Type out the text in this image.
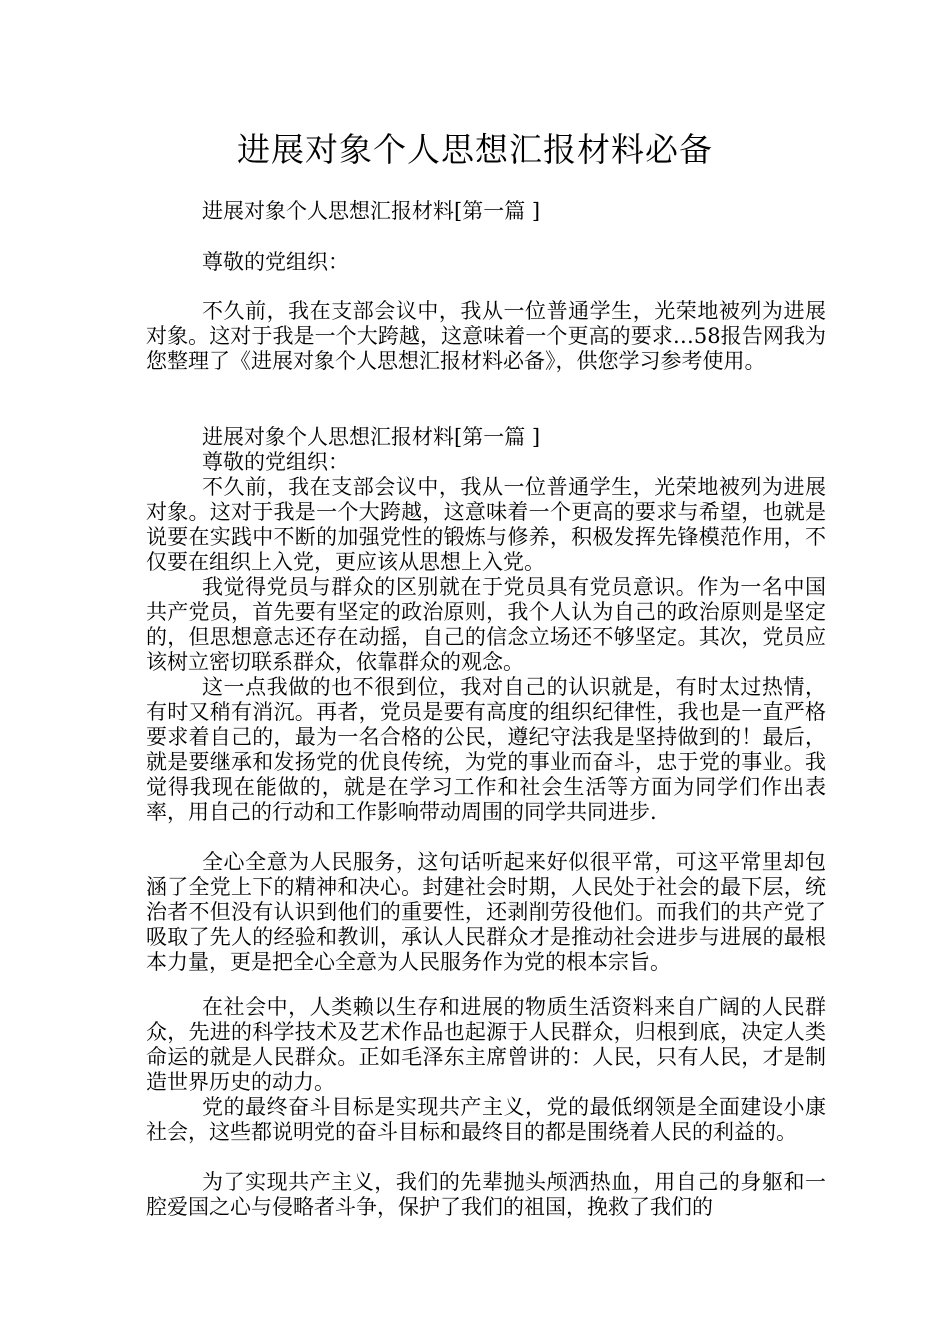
进展对象个人思想汇报材料必备

进展对象个人思想汇报材料[第一篇 ]

尊敬的党组织：

不久前，我在支部会议中，我从一位普通学生，光荣地被列为进展对象。这对于我是一个大跨越，这意味着一个更高的要求…58报告网我为您整理了《进展对象个人思想汇报材料必备》，供您学习参考使用。

进展对象个人思想汇报材料[第一篇 ]

尊敬的党组织：

不久前，我在支部会议中，我从一位普通学生，光荣地被列为进展对象。这对于我是一个大跨越，这意味着一个更高的要求与希望，也就是说要在实践中不断的加强党性的锻炼与修养，积极发挥先锋模范作用，不仅要在组织上入党，更应该从思想上入党。

我觉得党员与群众的区别就在于党员具有党员意识。作为一名中国共产党员，首先要有坚定的政治原则，我个人认为自己的政治原则是坚定的，但思想意志还存在动摇，自己的信念立场还不够坚定。其次，党员应该树立密切联系群众，依靠群众的观念。

这一点我做的也不很到位，我对自己的认识就是，有时太过热情，有时又稍有消沉。再者，党员是要有高度的组织纪律性，我也是一直严格要求着自己的，最为一名合格的公民，遵纪守法我是坚持做到的！最后，就是要继承和发扬党的优良传统，为党的事业而奋斗，忠于党的事业。我觉得我现在能做的，就是在学习工作和社会生活等方面为同学们作出表率，用自己的行动和工作影响带动周围的同学共同进步.

全心全意为人民服务，这句话听起来好似很平常，可这平常里却包涵了全党上下的精神和决心。封建社会时期，人民处于社会的最下层，统治者不但没有认识到他们的重要性，还剥削劳役他们。而我们的共产党了吸取了先人的经验和教训，承认人民群众才是推动社会进步与进展的最根本力量，更是把全心全意为人民服务作为党的根本宗旨。

在社会中，人类赖以生存和进展的物质生活资料来自广阔的人民群众，先进的科学技术及艺术作品也起源于人民群众，归根到底，决定人类命运的就是人民群众。正如毛泽东主席曾讲的：人民，只有人民，才是制造世界历史的动力。

党的最终奋斗目标是实现共产主义，党的最低纲领是全面建设小康社会，这些都说明党的奋斗目标和最终目的都是围绕着人民的利益的。

为了实现共产主义，我们的先辈抛头颅洒热血，用自己的身躯和一腔爱国之心与侵略者斗争，保护了我们的祖国，挽救了我们的
